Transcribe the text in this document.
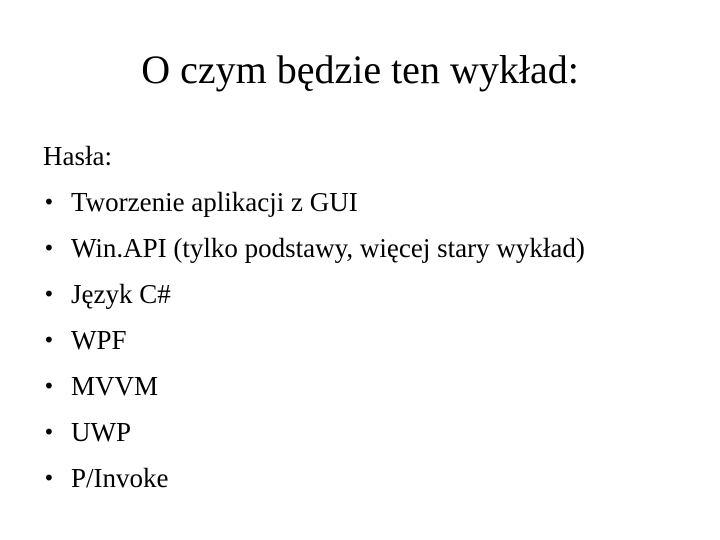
O czym będzie ten wykład:
Hasła:
• Tworzenie aplikacji z GUI
• Win.API (tylko podstawy, więcej stary wykład)
• Język C#
• WPF
• MVVM
• UWP
• P/Invoke
